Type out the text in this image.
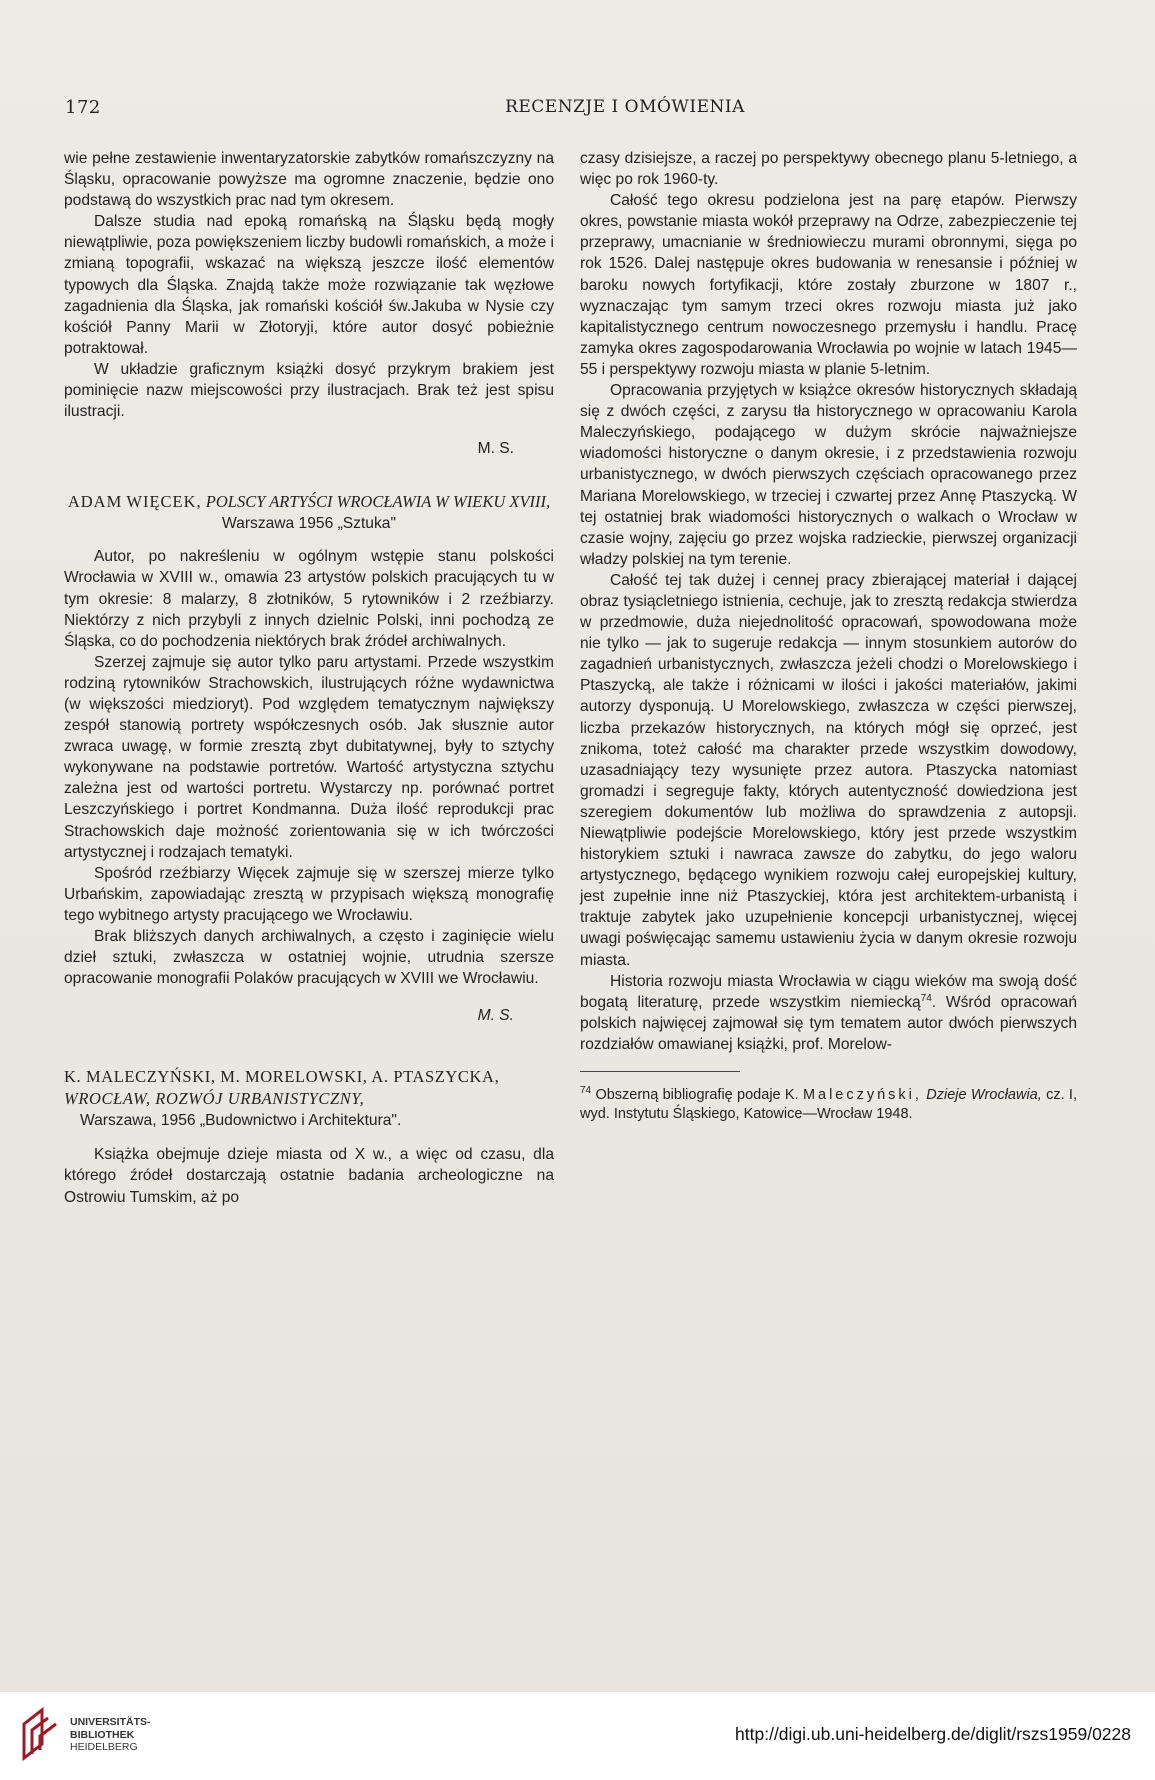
172	RECENZJE I OMÓWIENIA

wie pełne zestawienie inwentaryzatorskie zabytków romańszczyzny na Śląsku, opracowanie powyższe ma ogromne znaczenie, będzie ono podstawą do wszystkich prac nad tym okresem.

Dalsze studia nad epoką romańską na Śląsku będą mogły niewątpliwie, poza powiększeniem liczby budowli romańskich, a może i zmianą topografii, wskazać na większą jeszcze ilość elementów typowych dla Śląska. Znajdą także może rozwiązanie tak węzłowe zagadnienia dla Śląska, jak romański kościół św.Jakuba w Nysie czy kościół Panny Marii w Złotoryji, które autor dosyć pobieżnie potraktował.

W układzie graficznym książki dosyć przykrym brakiem jest pominięcie nazw miejscowości przy ilustracjach. Brak też jest spisu ilustracji.

M. S.

ADAM WIĘCEK, POLSCY ARTYŚCI WROCŁAWIA W WIEKU XVIII,
Warszawa 1956 „Sztuka"

Autor, po nakreśleniu w ogólnym wstępie stanu polskości Wrocławia w XVIII w., omawia 23 artystów polskich pracujących tu w tym okresie: 8 malarzy, 8 złotników, 5 rytowników i 2 rzeźbiarzy. Niektórzy z nich przybyli z innych dzielnic Polski, inni pochodzą ze Śląska, co do pochodzenia niektórych brak źródeł archiwalnych.

Szerzej zajmuje się autor tylko paru artystami. Przede wszystkim rodziną rytowników Strachowskich, ilustrujących różne wydawnictwa (w większości miedzioryt). Pod względem tematycznym największy zespół stanowią portrety współczesnych osób. Jak słusznie autor zwraca uwagę, w formie zresztą zbyt dubitatywnej, były to sztychy wykonywane na podstawie portretów. Wartość artystyczna sztychu zależna jest od wartości portretu. Wystarczy np. porównać portret Leszczyńskiego i portret Kondmanna. Duża ilość reprodukcji prac Strachowskich daje możność zorientowania się w ich twórczości artystycznej i rodzajach tematyki.

Spośród rzeźbiarzy Więcek zajmuje się w szerszej mierze tylko Urbańskim, zapowiadając zresztą w przypisach większą monografię tego wybitnego artysty pracującego we Wrocławiu.

Brak bliższych danych archiwalnych, a często i zaginięcie wielu dzieł sztuki, zwłaszcza w ostatniej wojnie, utrudnia szersze opracowanie monografii Polaków pracujących w XVIII we Wrocławiu.

M. S.

K. MALECZYŃSKI, M. MORELOWSKI, A. PTASZYCKA, WROCŁAW, ROZWÓJ URBANISTYCZNY,
Warszawa, 1956 „Budownictwo i Architektura".

Książka obejmuje dzieje miasta od X w., a więc od czasu, dla którego źródeł dostarczają ostatnie badania archeologiczne na Ostrowiu Tumskim, aż po

czasy dzisiejsze, a raczej po perspektywy obecnego planu 5-letniego, a więc po rok 1960-ty.

Całość tego okresu podzielona jest na parę etapów. Pierwszy okres, powstanie miasta wokół przeprawy na Odrze, zabezpieczenie tej przeprawy, umacnianie w średniowieczu murami obronnymi, sięga po rok 1526. Dalej następuje okres budowania w renesansie i później w baroku nowych fortyfikacji, które zostały zburzone w 1807 r., wyznaczając tym samym trzeci okres rozwoju miasta już jako kapitalistycznego centrum nowoczesnego przemysłu i handlu. Pracę zamyka okres zagospodarowania Wrocławia po wojnie w latach 1945—55 i perspektywy rozwoju miasta w planie 5-letnim.

Opracowania przyjętych w książce okresów historycznych składają się z dwóch części, z zarysu tła historycznego w opracowaniu Karola Maleczyńskiego, podającego w dużym skrócie najważniejsze wiadomości historyczne o danym okresie, i z przedstawienia rozwoju urbanistycznego, w dwóch pierwszych częściach opracowanego przez Mariana Morelowskiego, w trzeciej i czwartej przez Annę Ptaszycką. W tej ostatniej brak wiadomości historycznych o walkach o Wrocław w czasie wojny, zajęciu go przez wojska radzieckie, pierwszej organizacji władzy polskiej na tym terenie.

Całość tej tak dużej i cennej pracy zbierającej materiał i dającej obraz tysiącletniego istnienia, cechuje, jak to zresztą redakcja stwierdza w przedmowie, duża niejednolitość opracowań, spowodowana może nie tylko — jak to sugeruje redakcja — innym stosunkiem autorów do zagadnień urbanistycznych, zwłaszcza jeżeli chodzi o Morelowskiego i Ptaszycką, ale także i różnicami w ilości i jakości materiałów, jakimi autorzy dysponują. U Morelowskiego, zwłaszcza w części pierwszej, liczba przekazów historycznych, na których mógł się oprzeć, jest znikoma, toteż całość ma charakter przede wszystkim dowodowy, uzasadniający tezy wysunięte przez autora. Ptaszycka natomiast gromadzi i segreguje fakty, których autentyczność dowiedziona jest szeregiem dokumentów lub możliwa do sprawdzenia z autopsji. Niewątpliwie podejście Morelowskiego, który jest przede wszystkim historykiem sztuki i nawraca zawsze do zabytku, do jego waloru artystycznego, będącego wynikiem rozwoju całej europejskiej kultury, jest zupełnie inne niż Ptaszyckiej, która jest architektem-urbanistą i traktuje zabytek jako uzupełnienie koncepcji urbanistycznej, więcej uwagi poświęcając samemu ustawieniu życia w danym okresie rozwoju miasta.

Historia rozwoju miasta Wrocławia w ciągu wieków ma swoją dość bogatą literaturę, przede wszystkim niemiecką$^{74}$. Wśród opracowań polskich najwięcej zajmował się tym tematem autor dwóch pierwszych rozdziałów omawianej książki, prof. Morelow-

$^{74}$ Obszerną bibliografię podaje K. Maleczyński, Dzieje Wrocławia, cz. I, wyd. Instytutu Śląskiego, Katowice—Wrocław 1948.

UNIVERSITÄTS-
BIBLIOTHEK
HEIDELBERG
http://digi.ub.uni-heidelberg.de/diglit/rszs1959/0228
